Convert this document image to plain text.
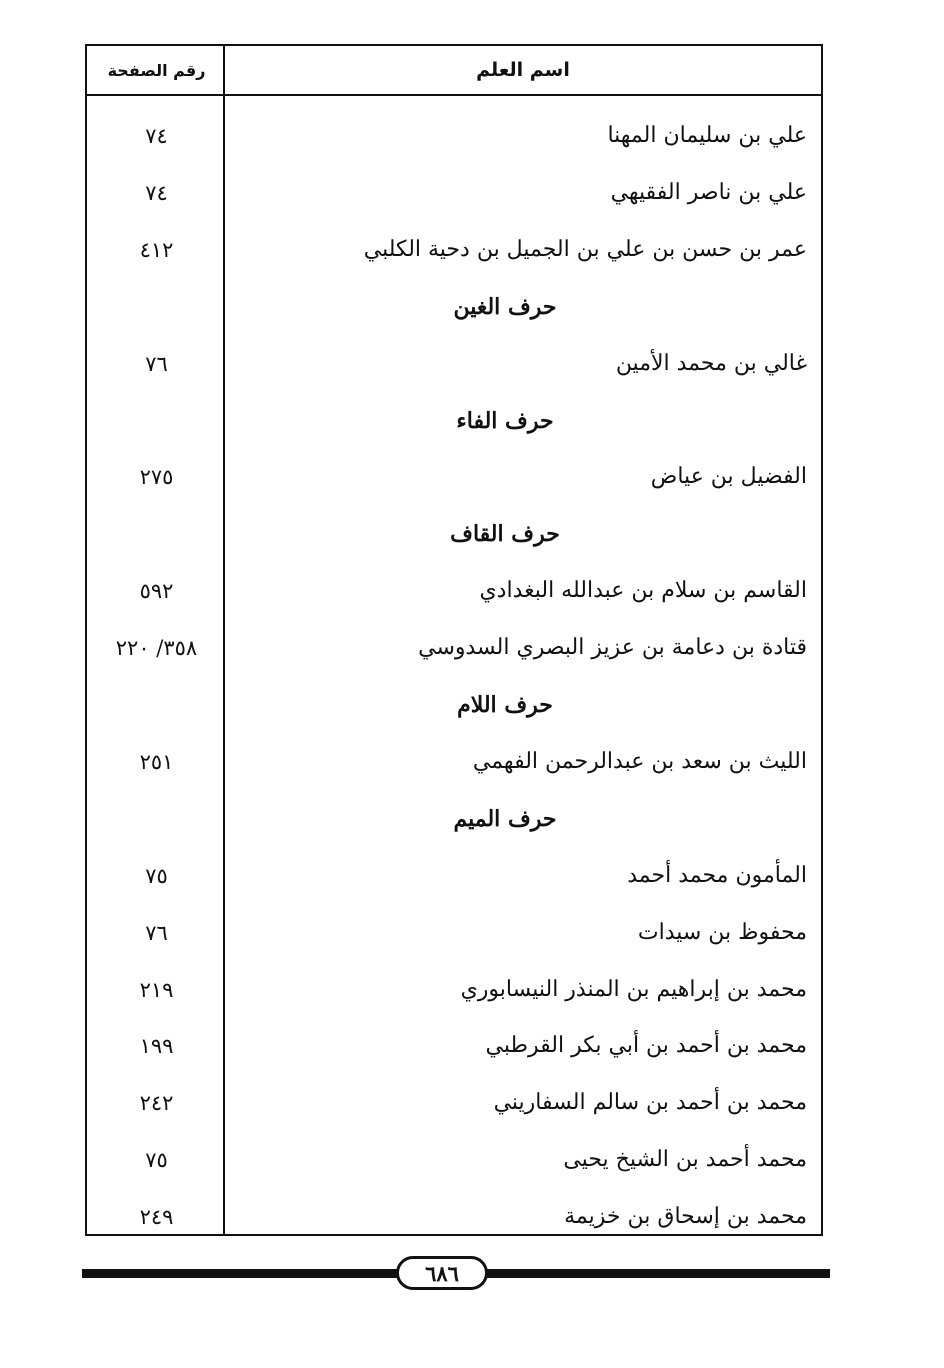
اسم العلم
رقم الصفحة
علي بن سليمان المهنا
٧٤
علي بن ناصر الفقيهي
٧٤
عمر بن حسن بن علي بن الجميل بن دحية الكلبي
٤١٢
حرف الغين
غالي بن محمد الأمين
٧٦
حرف الفاء
الفضيل بن عياض
٢٧٥
حرف القاف
القاسم بن سلام بن عبدالله البغدادي
٥٩٢
قتادة بن دعامة بن عزيز البصري السدوسي
٣٥٨/ ٢٢٠
حرف اللام
الليث بن سعد بن عبدالرحمن الفهمي
٢٥١
حرف الميم
المأمون محمد أحمد
٧٥
محفوظ بن سيدات
٧٦
محمد بن إبراهيم بن المنذر النيسابوري
٢١٩
محمد بن أحمد بن أبي بكر القرطبي
١٩٩
محمد بن أحمد بن سالم السفاريني
٢٤٢
محمد أحمد بن الشيخ يحيى
٧٥
محمد بن إسحاق بن خزيمة
٢٤٩
٦٨٦
